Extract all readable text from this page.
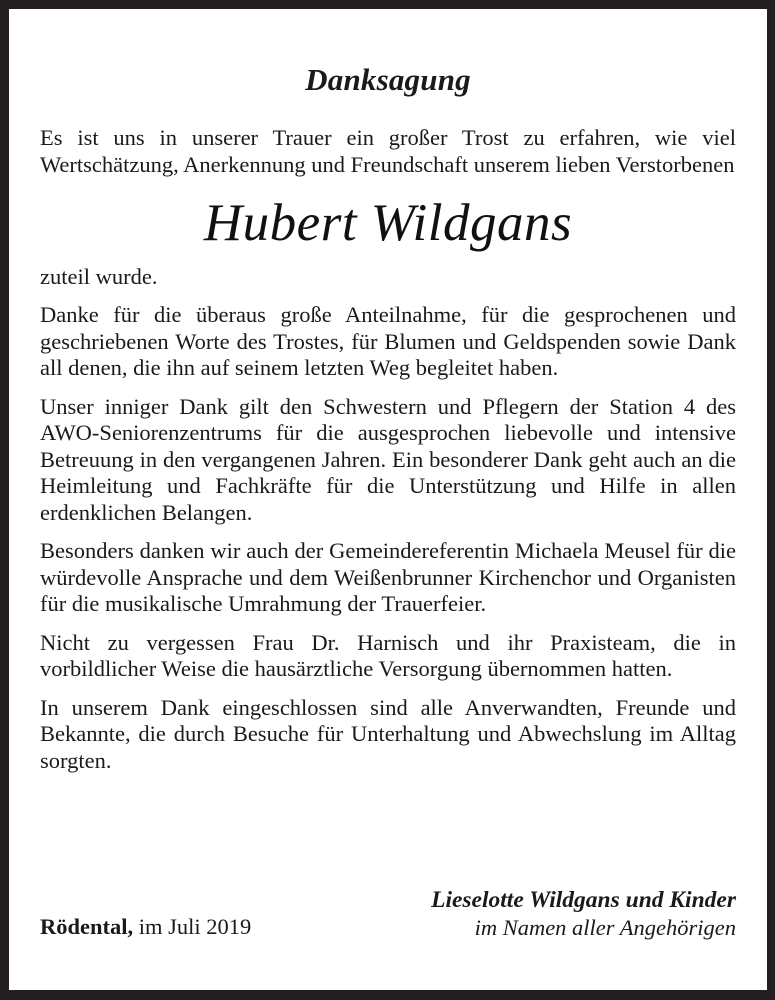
Danksagung

Es ist uns in unserer Trauer ein großer Trost zu erfahren, wie viel Wertschätzung, Anerkennung und Freundschaft unserem lieben Verstorbenen

Hubert Wildgans

zuteil wurde.

Danke für die überaus große Anteilnahme, für die gesprochenen und geschriebenen Worte des Trostes, für Blumen und Geldspenden sowie Dank all denen, die ihn auf seinem letzten Weg begleitet haben.

Unser inniger Dank gilt den Schwestern und Pflegern der Station 4 des AWO-Seniorenzentrums für die ausgesprochen liebevolle und intensive Betreuung in den vergangenen Jahren. Ein besonderer Dank geht auch an die Heimleitung und Fachkräfte für die Unterstützung und Hilfe in allen erdenklichen Belangen.

Besonders danken wir auch der Gemeindereferentin Michaela Meusel für die würdevolle Ansprache und dem Weißenbrunner Kirchenchor und Organisten für die musikalische Umrahmung der Trauerfeier.

Nicht zu vergessen Frau Dr. Harnisch und ihr Praxisteam, die in vorbildlicher Weise die hausärztliche Versorgung übernommen hatten.

In unserem Dank eingeschlossen sind alle Anverwandten, Freunde und Bekannte, die durch Besuche für Unterhaltung und Abwechslung im Alltag sorgten.

Rödental, im Juli 2019
Lieselotte Wildgans und Kinder
im Namen aller Angehörigen
